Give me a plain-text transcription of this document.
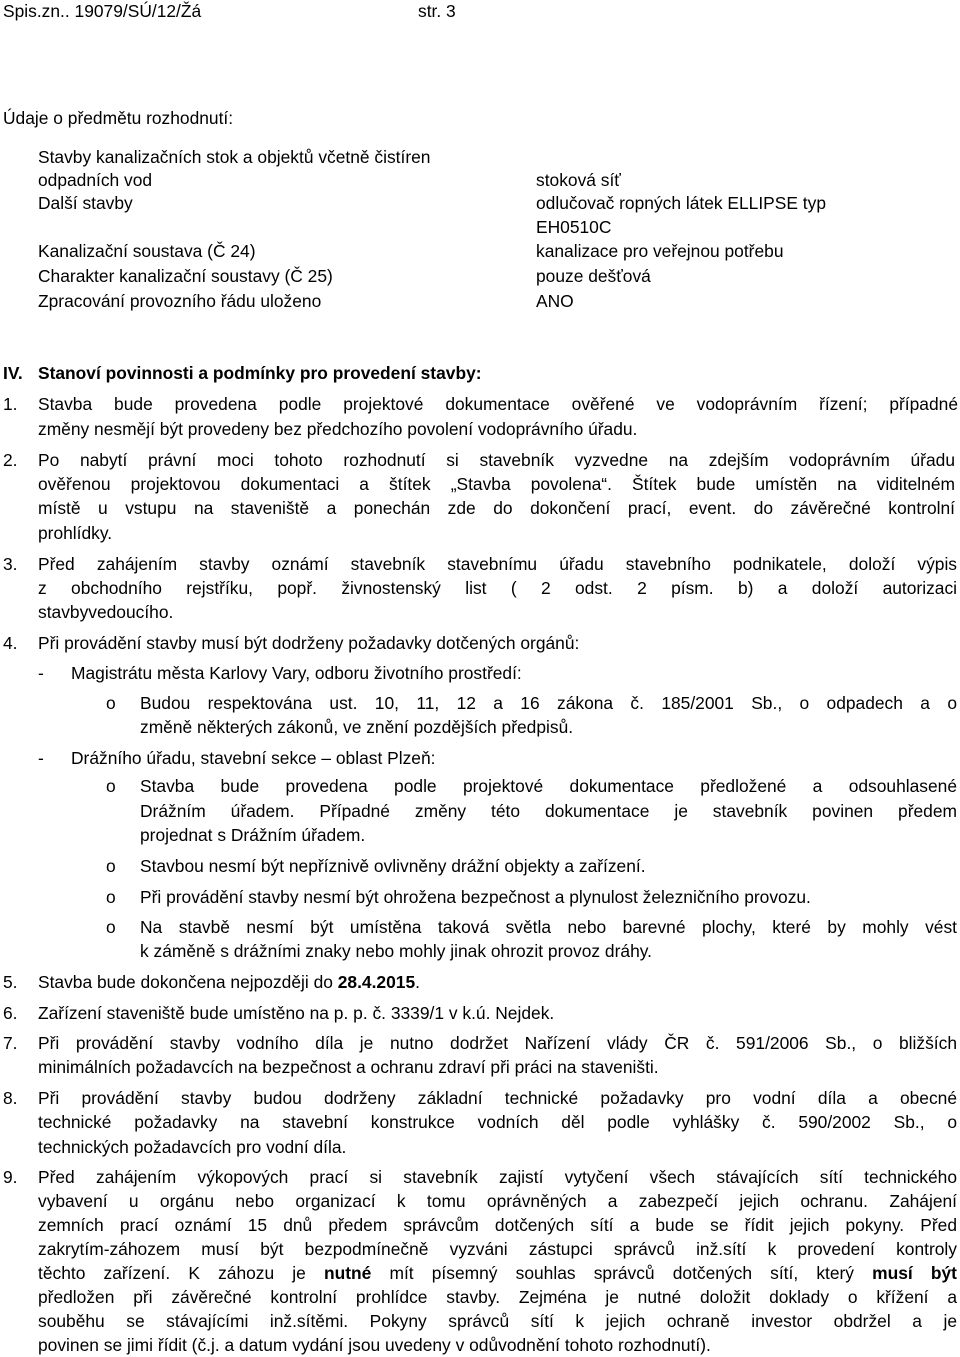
Spis.zn.. 19079/SÚ/12/Žá	str. 3
Údaje o předmětu rozhodnutí:
Stavby kanalizačních stok a objektů včetně čistíren
odpadních vod	stoková síť
Další stavby	odlučovač ropných látek ELLIPSE typ
EH0510C
Kanalizační soustava (Č 24)	kanalizace pro veřejnou potřebu
Charakter kanalizační soustavy (Č 25)	pouze dešťová
Zpracování provozního řádu uloženo	ANO
IV. Stanoví povinnosti a podmínky pro provedení stavby:
1. Stavba bude provedena podle projektové dokumentace ověřené ve vodoprávním řízení; případné
změny nesmějí být provedeny bez předchozího povolení vodoprávního úřadu.
2. Po nabytí právní moci tohoto rozhodnutí si stavebník vyzvedne na zdejším vodoprávním úřadu
ověřenou projektovou dokumentaci a štítek „Stavba povolena“. Štítek bude umístěn na viditelném
místě u vstupu na staveniště a ponechán zde do dokončení prací, event. do závěrečné kontrolní
prohlídky.
3. Před zahájením stavby oznámí stavebník stavebnímu úřadu stavebního podnikatele, doloží výpis
z obchodního rejstříku, popř. živnostenský list ( 2 odst. 2 písm. b) a doloží autorizaci
stavbyvedoucího.
4. Při provádění stavby musí být dodrženy požadavky dotčených orgánů:
- Magistrátu města Karlovy Vary, odboru životního prostředí:
o Budou respektována ust. 10, 11, 12 a 16 zákona č. 185/2001 Sb., o odpadech a o
změně některých zákonů, ve znění pozdějších předpisů.
- Drážního úřadu, stavební sekce – oblast Plzeň:
o Stavba bude provedena podle projektové dokumentace předložené a odsouhlasené
Drážním úřadem. Případné změny této dokumentace je stavebník povinen předem
projednat s Drážním úřadem.
o Stavbou nesmí být nepříznivě ovlivněny drážní objekty a zařízení.
o Při provádění stavby nesmí být ohrožena bezpečnost a plynulost železničního provozu.
o Na stavbě nesmí být umístěna taková světla nebo barevné plochy, které by mohly vést
k záměně s drážními znaky nebo mohly jinak ohrozit provoz dráhy.
5. Stavba bude dokončena nejpozději do 28.4.2015.
6. Zařízení staveniště bude umístěno na p. p. č. 3339/1 v k.ú. Nejdek.
7. Při provádění stavby vodního díla je nutno dodržet Nařízení vlády ČR č. 591/2006 Sb., o bližších
minimálních požadavcích na bezpečnost a ochranu zdraví při práci na staveništi.
8. Při provádění stavby budou dodrženy základní technické požadavky pro vodní díla a obecné
technické požadavky na stavební konstrukce vodních děl podle vyhlášky č. 590/2002 Sb., o
technických požadavcích pro vodní díla.
9. Před zahájením výkopových prací si stavebník zajistí vytyčení všech stávajících sítí technického
vybavení u orgánu nebo organizací k tomu oprávněných a zabezpečí jejich ochranu. Zahájení
zemních prací oznámí 15 dnů předem správcům dotčených sítí a bude se řídit jejich pokyny. Před
zakrytím-záhozem musí být bezpodmínečně vyzváni zástupci správců inž.sítí k provedení kontroly
těchto zařízení. K záhozu je nutné mít písemný souhlas správců dotčených sítí, který musí být
předložen při závěrečné kontrolní prohlídce stavby. Zejména je nutné doložit doklady o křížení a
souběhu se stávajícími inž.sítěmi. Pokyny správců sítí k jejich ochraně investor obdržel a je
povinen se jimi řídit (č.j. a datum vydání jsou uvedeny v odůvodnění tohoto rozhodnutí).
